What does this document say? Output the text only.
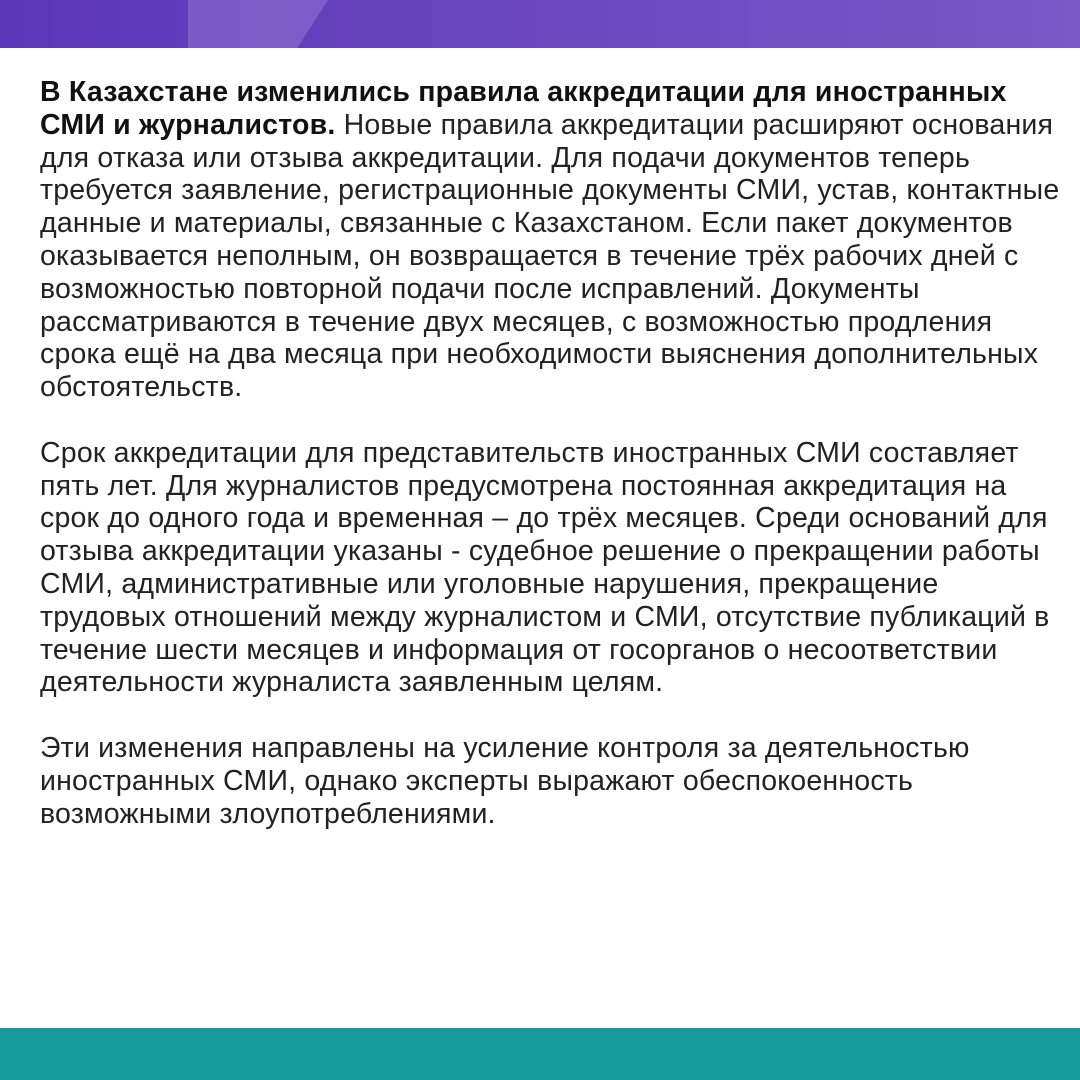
В Казахстане изменились правила аккредитации для иностранных СМИ и журналистов. Новые правила аккредитации расширяют основания для отказа или отзыва аккредитации. Для подачи документов теперь требуется заявление, регистрационные документы СМИ, устав, контактные данные и материалы, связанные с Казахстаном. Если пакет документов оказывается неполным, он возвращается в течение трёх рабочих дней с возможностью повторной подачи после исправлений. Документы рассматриваются в течение двух месяцев, с возможностью продления срока ещё на два месяца при необходимости выяснения дополнительных обстоятельств.

Срок аккредитации для представительств иностранных СМИ составляет пять лет. Для журналистов предусмотрена постоянная аккредитация на срок до одного года и временная – до трёх месяцев. Среди оснований для отзыва аккредитации указаны - судебное решение о прекращении работы СМИ, административные или уголовные нарушения, прекращение трудовых отношений между журналистом и СМИ, отсутствие публикаций в течение шести месяцев и информация от госорганов о несоответствии деятельности журналиста заявленным целям.

Эти изменения направлены на усиление контроля за деятельностью иностранных СМИ, однако эксперты выражают обеспокоенность возможными злоупотреблениями.
